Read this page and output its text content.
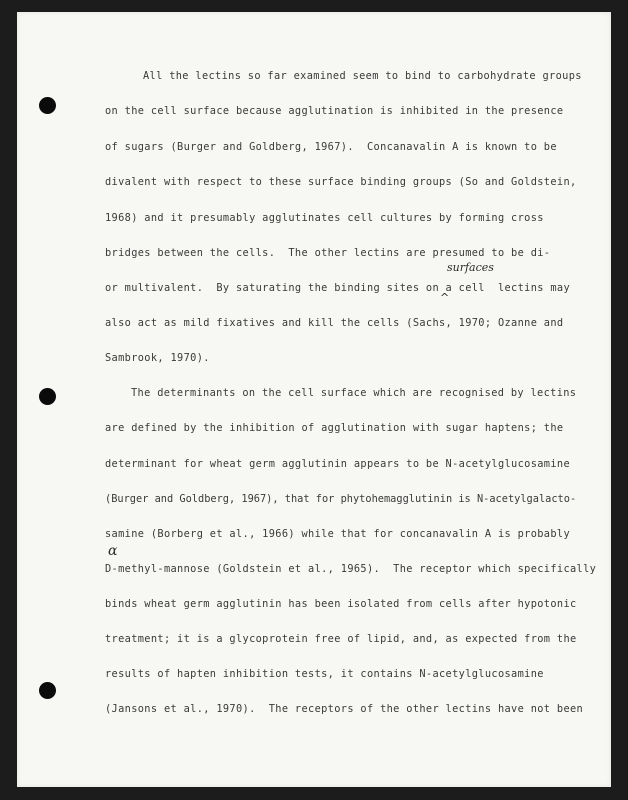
All the lectins so far examined seem to bind to carbohydrate groups
on the cell surface because agglutination is inhibited in the presence
of sugars (Burger and Goldberg, 1967).  Concanavalin A is known to be
divalent with respect to these surface binding groups (So and Goldstein,
1968) and it presumably agglutinates cell cultures by forming cross
bridges between the cells.  The other lectins are presumed to be di-
surfaces
or multivalent.  By saturating the binding sites on a cell  lectins may
^
also act as mild fixatives and kill the cells (Sachs, 1970; Ozanne and
Sambrook, 1970).
The determinants on the cell surface which are recognised by lectins
are defined by the inhibition of agglutination with sugar haptens; the
determinant for wheat germ agglutinin appears to be N-acetylglucosamine
(Burger and Goldberg, 1967), that for phytohemagglutinin is N-acetylgalacto-
samine (Borberg et al., 1966) while that for concanavalin A is probably
α
D-methyl-mannose (Goldstein et al., 1965).  The receptor which specifically
binds wheat germ agglutinin has been isolated from cells after hypotonic
treatment; it is a glycoprotein free of lipid, and, as expected from the
results of hapten inhibition tests, it contains N-acetylglucosamine
(Jansons et al., 1970).  The receptors of the other lectins have not been
